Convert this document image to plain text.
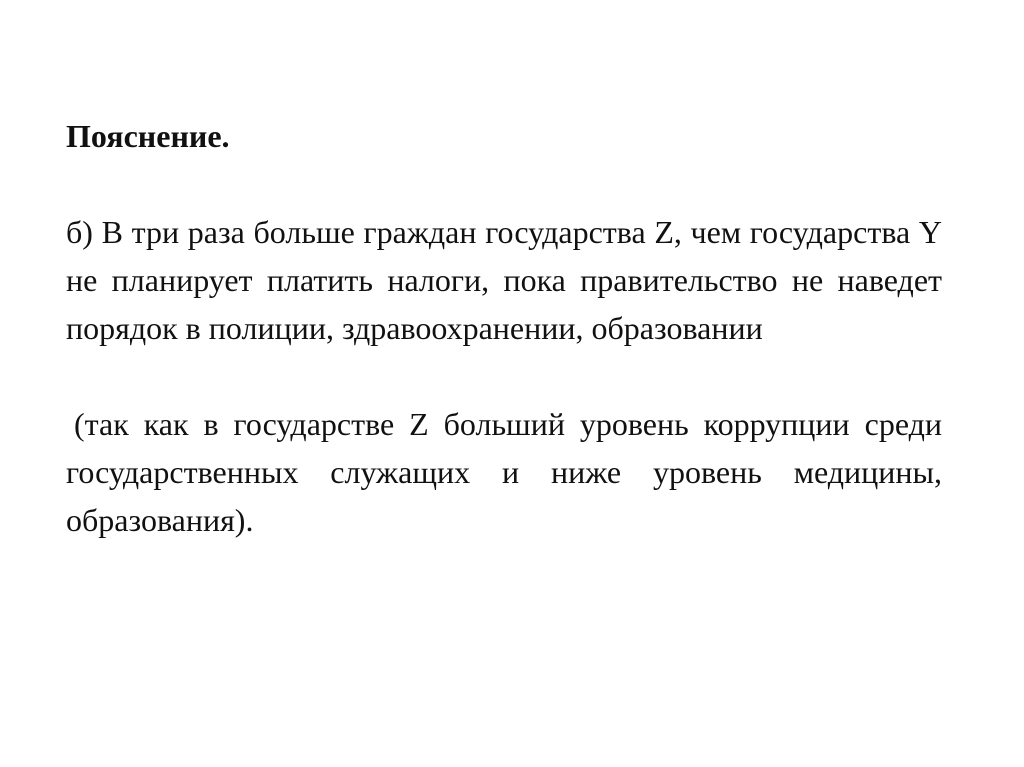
Пояснение.

б) В три раза больше граждан государства Z, чем государства Y не планирует платить налоги, пока правительство не наведет порядок в полиции, здравоохранении, образовании

(так как в государстве Z больший уровень коррупции среди государственных служащих и ниже уровень медицины, образования).
